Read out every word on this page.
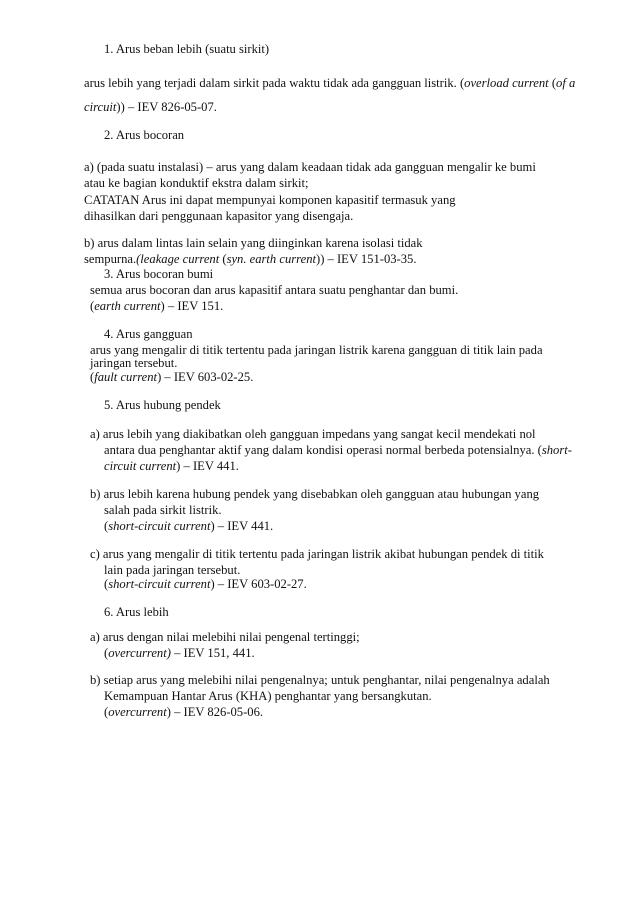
1. Arus beban lebih (suatu sirkit)
arus lebih yang terjadi dalam sirkit pada waktu tidak ada gangguan listrik. (overload current (of a
circuit)) – IEV 826-05-07.
2. Arus bocoran
a) (pada suatu instalasi) – arus yang dalam keadaan tidak ada gangguan mengalir ke bumi
atau ke bagian konduktif ekstra dalam sirkit;
CATATAN Arus ini dapat mempunyai komponen kapasitif termasuk yang
dihasilkan dari penggunaan kapasitor yang disengaja.
b) arus dalam lintas lain selain yang diinginkan karena isolasi tidak
sempurna.(leakage current (syn. earth current)) – IEV 151-03-35.
3. Arus bocoran bumi
semua arus bocoran dan arus kapasitif antara suatu penghantar dan bumi.
(earth current) – IEV 151.
4. Arus gangguan
arus yang mengalir di titik tertentu pada jaringan listrik karena gangguan di titik lain pada
jaringan tersebut.
(fault current) – IEV 603-02-25.
5. Arus hubung pendek
a) arus lebih yang diakibatkan oleh gangguan impedans yang sangat kecil mendekati nol
antara dua penghantar aktif yang dalam kondisi operasi normal berbeda potensialnya. (short-
circuit current) – IEV 441.
b) arus lebih karena hubung pendek yang disebabkan oleh gangguan atau hubungan yang
salah pada sirkit listrik.
(short-circuit current) – IEV 441.
c) arus yang mengalir di titik tertentu pada jaringan listrik akibat hubungan pendek di titik
lain pada jaringan tersebut.
(short-circuit current) – IEV 603-02-27.
6. Arus lebih
a) arus dengan nilai melebihi nilai pengenal tertinggi;
(overcurrent) – IEV 151, 441.
b) setiap arus yang melebihi nilai pengenalnya; untuk penghantar, nilai pengenalnya adalah
Kemampuan Hantar Arus (KHA) penghantar yang bersangkutan.
(overcurrent) – IEV 826-05-06.
